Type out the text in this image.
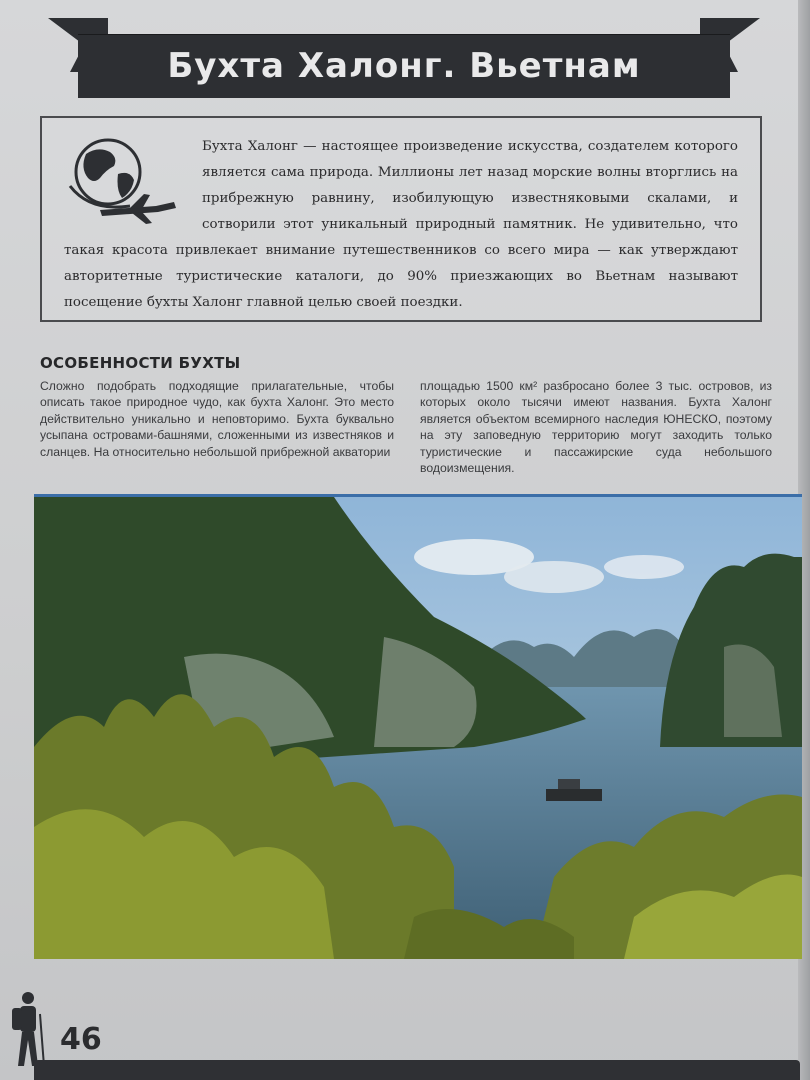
Бухта Халонг. Вьетнам
Бухта Халонг — настоящее произведение искусства, создателем которого является сама природа. Миллионы лет назад морские волны вторглись на прибрежную равнину, изобилующую известняковыми скалами, и сотворили этот уникальный природный памятник. Не удивительно, что такая красота привлекает внимание путешественников со всего мира — как утверждают авторитетные туристические каталоги, до 90% приезжающих во Вьетнам называют посещение бухты Халонг главной целью своей поездки.
ОСОБЕННОСТИ БУХТЫ
Сложно подобрать подходящие прилагательные, чтобы описать такое природное чудо, как бухта Халонг. Это место действительно уникально и неповторимо. Бухта буквально усыпана островами-башнями, сложенными из известняков и сланцев. На относительно небольшой прибрежной акватории
площадью 1500 км² разбросано более 3 тыс. островов, из которых около тысячи имеют названия. Бухта Халонг является объектом всемирного наследия ЮНЕСКО, поэтому на эту заповедную территорию могут заходить только туристические и пассажирские суда небольшого водоизмещения.
46
